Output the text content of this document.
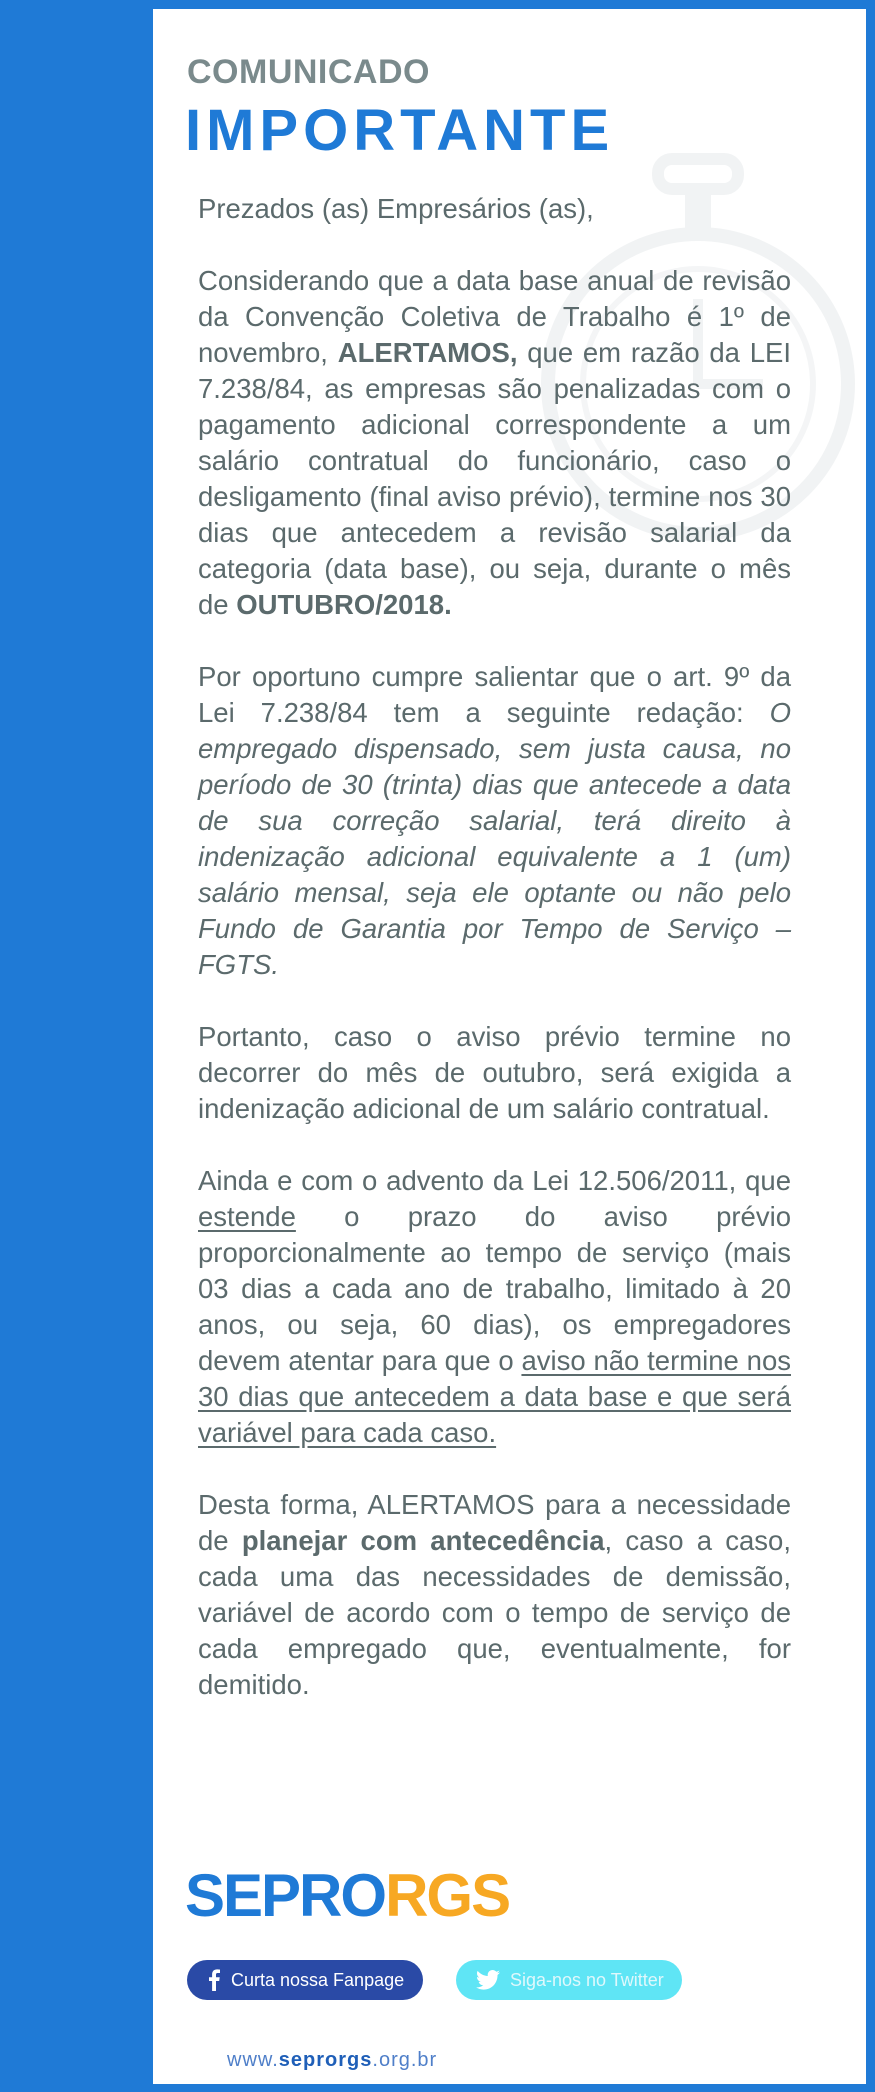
COMUNICADO
IMPORTANTE

Prezados (as) Empresários (as),

Considerando que a data base anual de revisão da Convenção Coletiva de Trabalho é 1º de novembro, ALERTAMOS, que em razão da LEI 7.238/84, as empresas são penalizadas com o pagamento adicional correspondente a um salário contratual do funcionário, caso o desligamento (final aviso prévio), termine nos 30 dias que antecedem a revisão salarial da categoria (data base), ou seja, durante o mês de OUTUBRO/2018.

Por oportuno cumpre salientar que o art. 9º da Lei 7.238/84 tem a seguinte redação: O empregado dispensado, sem justa causa, no período de 30 (trinta) dias que antecede a data de sua correção salarial, terá direito à indenização adicional equivalente a 1 (um) salário mensal, seja ele optante ou não pelo Fundo de Garantia por Tempo de Serviço – FGTS.

Portanto, caso o aviso prévio termine no decorrer do mês de outubro, será exigida a indenização adicional de um salário contratual.

Ainda e com o advento da Lei 12.506/2011, que estende o prazo do aviso prévio proporcionalmente ao tempo de serviço (mais 03 dias a cada ano de trabalho, limitado à 20 anos, ou seja, 60 dias), os empregadores devem atentar para que o aviso não termine nos 30 dias que antecedem a data base e que será variável para cada caso.

Desta forma, ALERTAMOS para a necessidade de planejar com antecedência, caso a caso, cada uma das necessidades de demissão, variável de acordo com o tempo de serviço de cada empregado que, eventualmente, for demitido.

SEPRORGS
Curta nossa Fanpage	Siga-nos no Twitter
www.seprorgs.org.br
